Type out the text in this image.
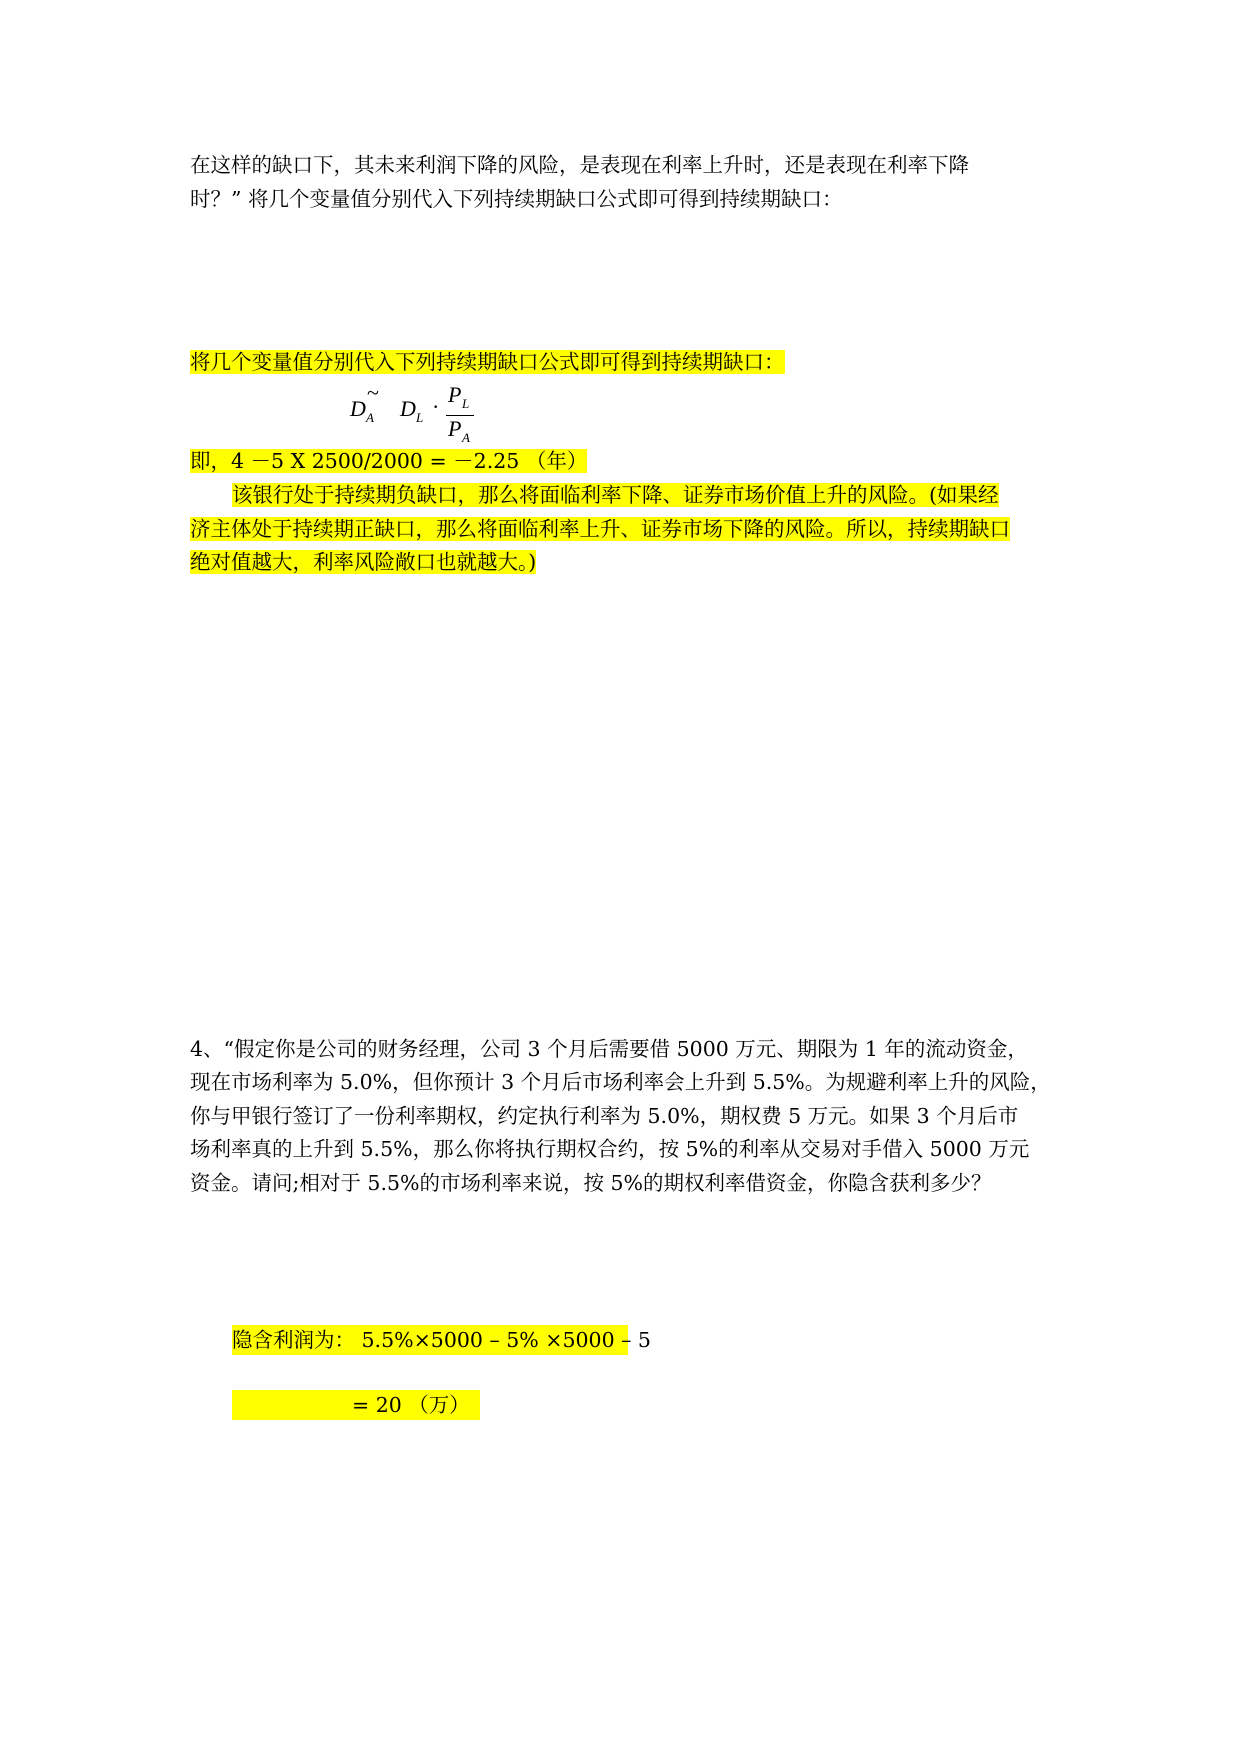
在这样的缺口下，其未来利润下降的风险，是表现在利率上升时，还是表现在利率下降
时？” 将几个变量值分别代入下列持续期缺口公式即可得到持续期缺口：
将几个变量值分别代入下列持续期缺口公式即可得到持续期缺口：
D A
~
D L · P L
P A
即，4 －5 X 2500/2000 = －2.25 （年）
该银行处于持续期负缺口，那么将面临利率下降、证券市场价值上升的风险。(如果经
济主体处于持续期正缺口，那么将面临利率上升、证券市场下降的风险。所以，持续期缺口
绝对值越大，利率风险敞口也就越大。)
4、“假定你是公司的财务经理，公司 3 个月后需要借 5000 万元、期限为 1 年的流动资金，
现在市场利率为 5.0%，但你预计 3 个月后市场利率会上升到 5.5%。为规避利率上升的风险，
你与甲银行签订了一份利率期权，约定执行利率为 5.0%，期权费 5 万元。如果 3 个月后市
场利率真的上升到 5.5%，那么你将执行期权合约，按 5%的利率从交易对手借入 5000 万元
资金。请问;相对于 5.5%的市场利率来说，按 5%的期权利率借资金，你隐含获利多少？
隐含利润为： 5.5%×5000 – 5% ×5000 – 5
= 20 （万）
